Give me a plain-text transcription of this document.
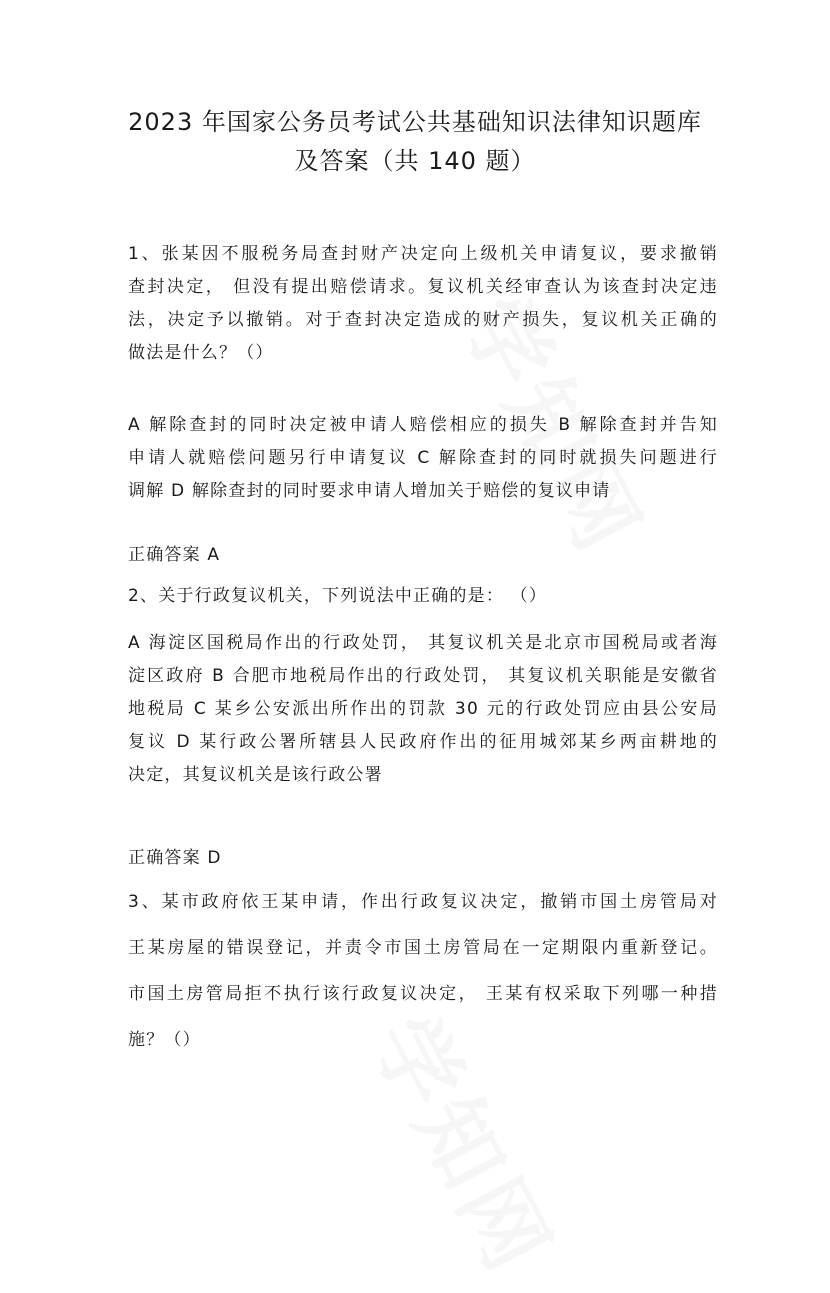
2023 年国家公务员考试公共基础知识法律知识题库
及答案（共 140 题）
1、张某因不服税务局查封财产决定向上级机关申请复议，要求撤销
查封决定， 但没有提出赔偿请求。复议机关经审查认为该查封决定违
法，决定予以撤销。对于查封决定造成的财产损失，复议机关正确的
做法是什么？（）
A 解除查封的同时决定被申请人赔偿相应的损失 B 解除查封并告知
申请人就赔偿问题另行申请复议 C 解除查封的同时就损失问题进行
调解 D 解除查封的同时要求申请人增加关于赔偿的复议申请
正确答案 A
2、关于行政复议机关，下列说法中正确的是： （）
A 海淀区国税局作出的行政处罚， 其复议机关是北京市国税局或者海
淀区政府 B 合肥市地税局作出的行政处罚， 其复议机关职能是安徽省
地税局 C 某乡公安派出所作出的罚款 30 元的行政处罚应由县公安局
复议 D 某行政公署所辖县人民政府作出的征用城郊某乡两亩耕地的
决定，其复议机关是该行政公署
正确答案 D
3、某市政府依王某申请，作出行政复议决定，撤销市国土房管局对
王某房屋的错误登记，并责令市国土房管局在一定期限内重新登记。
市国土房管局拒不执行该行政复议决定， 王某有权采取下列哪一种措
施？（）
